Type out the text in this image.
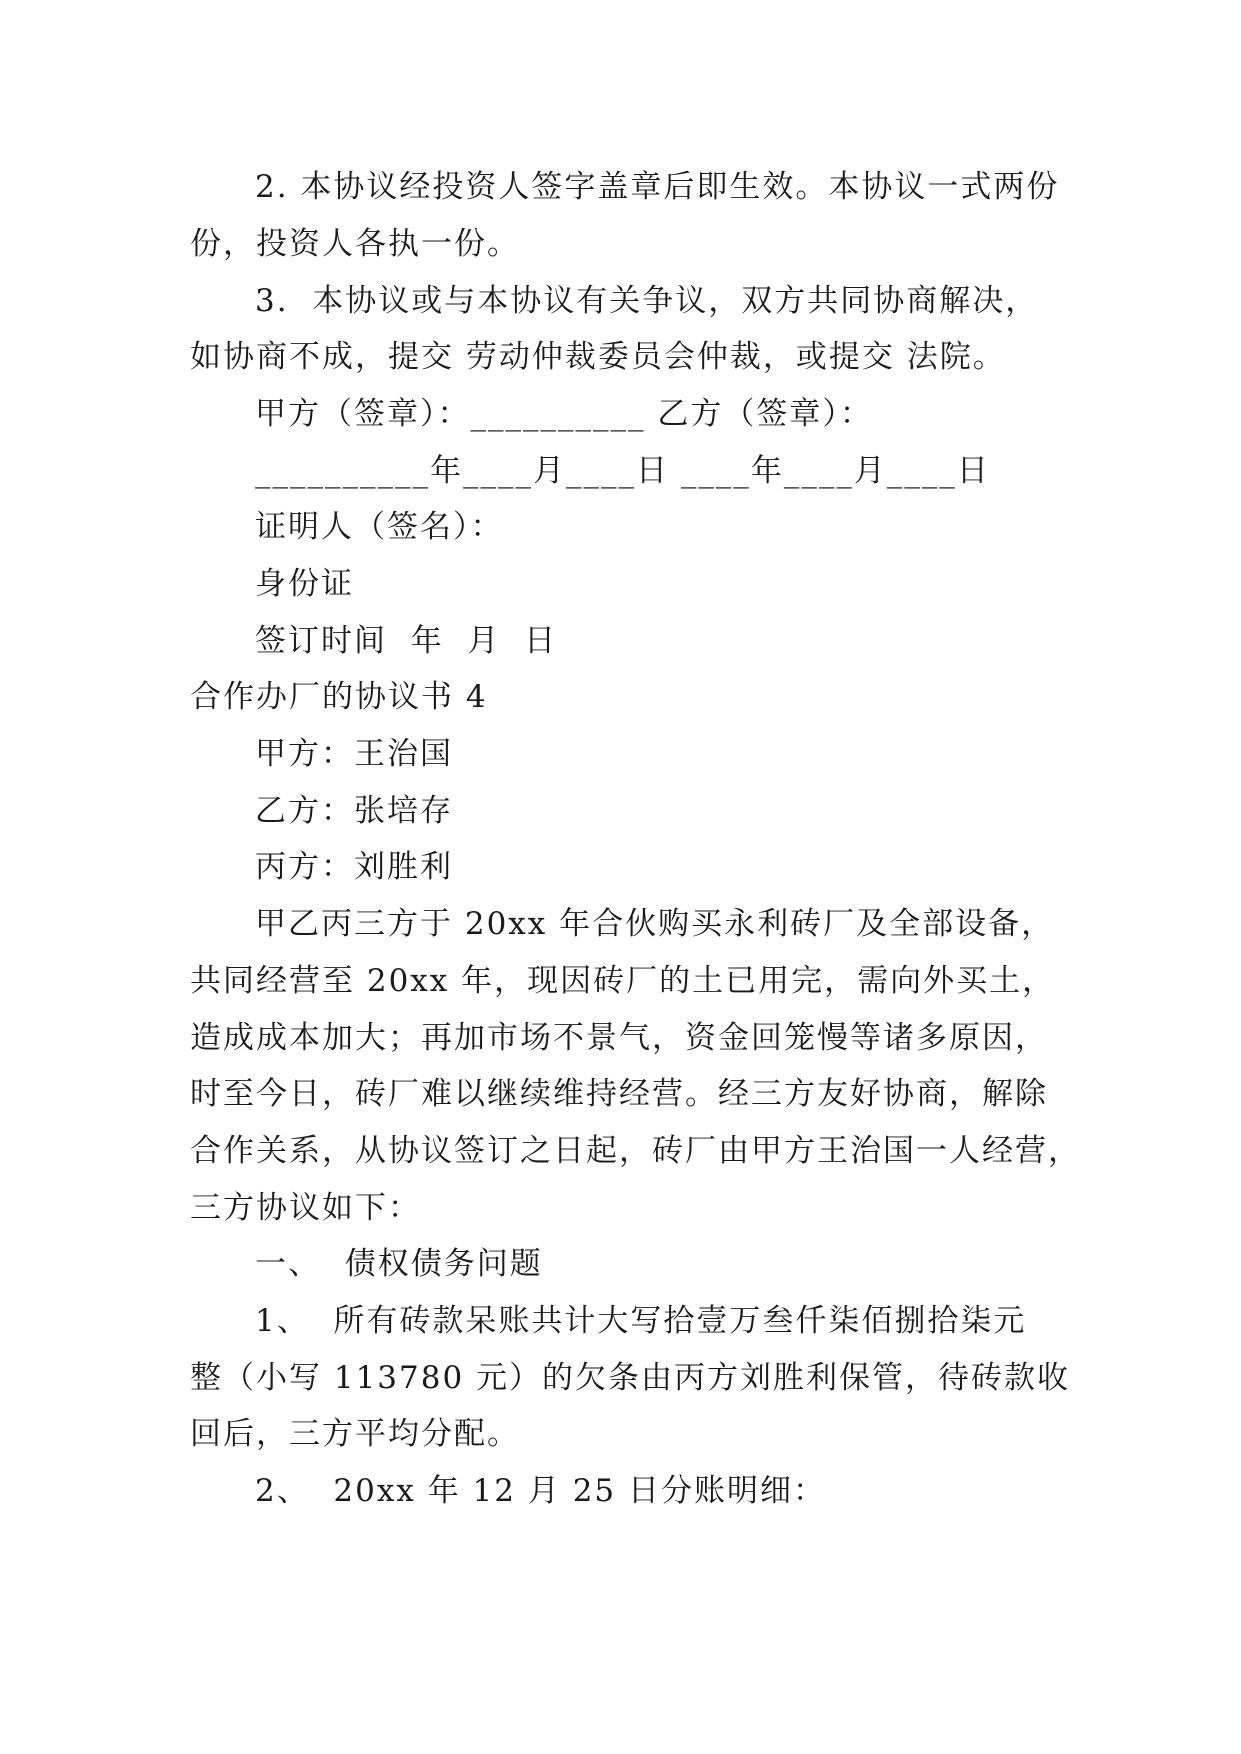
2. 本协议经投资人签字盖章后即生效。本协议一式两份
份，投资人各执一份。
3.  本协议或与本协议有关争议，双方共同协商解决，
如协商不成，提交 劳动仲裁委员会仲裁，或提交 法院。
甲方（签章）：__________ 乙方（签章）：
__________年____月____日 ____年____月____日
证明人（签名）：
身份证
签订时间  年  月  日
合作办厂的协议书 4
甲方：王治国
乙方：张培存
丙方：刘胜利
甲乙丙三方于 20xx 年合伙购买永利砖厂及全部设备，
共同经营至 20xx 年，现因砖厂的土已用完，需向外买土，
造成成本加大；再加市场不景气，资金回笼慢等诸多原因，
时至今日，砖厂难以继续维持经营。经三方友好协商，解除
合作关系，从协议签订之日起，砖厂由甲方王治国一人经营，
三方协议如下：
一、  债权债务问题
1、  所有砖款呆账共计大写拾壹万叁仟柒佰捌拾柒元
整（小写 113780 元）的欠条由丙方刘胜利保管，待砖款收
回后，三方平均分配。
2、  20xx 年 12 月 25 日分账明细：
